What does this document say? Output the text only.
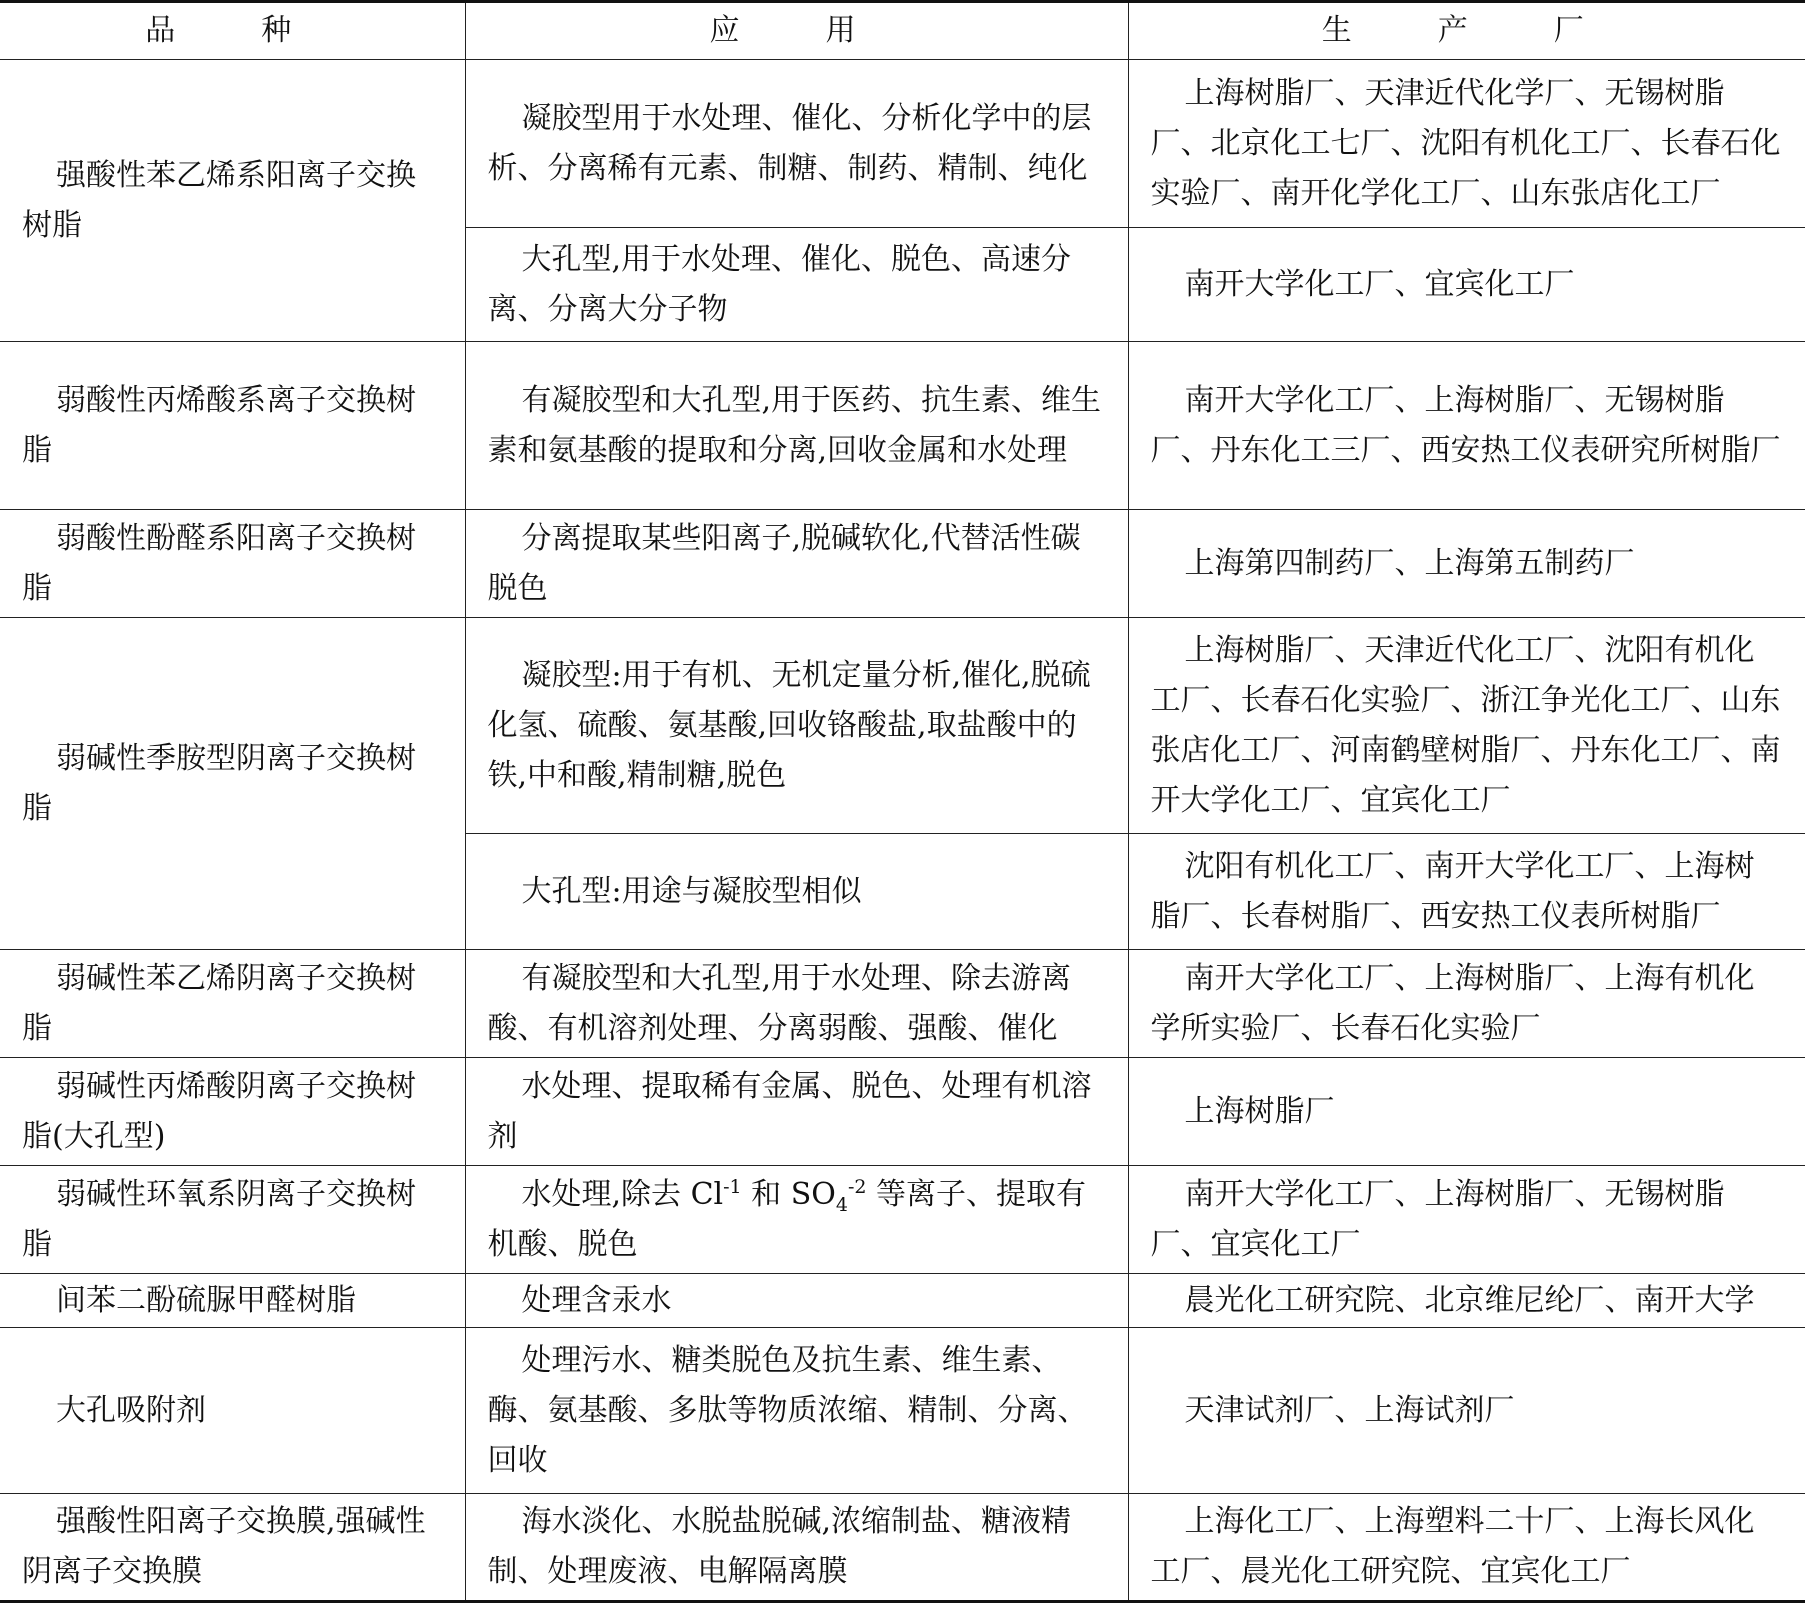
品　种	应　用	生　产　厂
强酸性苯乙烯系阳离子交换树脂	凝胶型用于水处理、催化、分析化学中的层析、分离稀有元素、制糖、制药、精制、纯化	上海树脂厂、天津近代化学厂、无锡树脂厂、北京化工七厂、沈阳有机化工厂、长春石化实验厂、南开化学化工厂、山东张店化工厂
	大孔型,用于水处理、催化、脱色、高速分离、分离大分子物	南开大学化工厂、宜宾化工厂
弱酸性丙烯酸系离子交换树脂	有凝胶型和大孔型,用于医药、抗生素、维生素和氨基酸的提取和分离,回收金属和水处理	南开大学化工厂、上海树脂厂、无锡树脂厂、丹东化工三厂、西安热工仪表研究所树脂厂
弱酸性酚醛系阳离子交换树脂	分离提取某些阳离子,脱碱软化,代替活性碳脱色	上海第四制药厂、上海第五制药厂
弱碱性季胺型阴离子交换树脂	凝胶型:用于有机、无机定量分析,催化,脱硫化氢、硫酸、氨基酸,回收铬酸盐,取盐酸中的铁,中和酸,精制糖,脱色	上海树脂厂、天津近代化工厂、沈阳有机化工厂、长春石化实验厂、浙江争光化工厂、山东张店化工厂、河南鹤壁树脂厂、丹东化工厂、南开大学化工厂、宜宾化工厂
	大孔型:用途与凝胶型相似	沈阳有机化工厂、南开大学化工厂、上海树脂厂、长春树脂厂、西安热工仪表所树脂厂
弱碱性苯乙烯阴离子交换树脂	有凝胶型和大孔型,用于水处理、除去游离酸、有机溶剂处理、分离弱酸、强酸、催化	南开大学化工厂、上海树脂厂、上海有机化学所实验厂、长春石化实验厂
弱碱性丙烯酸阴离子交换树脂(大孔型)	水处理、提取稀有金属、脱色、处理有机溶剂	上海树脂厂
弱碱性环氧系阴离子交换树脂	水处理,除去 $Cl^{-1}$ 和 $SO_4^{-2}$ 等离子、提取有机酸、脱色	南开大学化工厂、上海树脂厂、无锡树脂厂、宜宾化工厂
间苯二酚硫脲甲醛树脂	处理含汞水	晨光化工研究院、北京维尼纶厂、南开大学
大孔吸附剂	处理污水、糖类脱色及抗生素、维生素、酶、氨基酸、多肽等物质浓缩、精制、分离、回收	天津试剂厂、上海试剂厂
强酸性阳离子交换膜,强碱性阴离子交换膜	海水淡化、水脱盐脱碱,浓缩制盐、糖液精制、处理废液、电解隔离膜	上海化工厂、上海塑料二十厂、上海长风化工厂、晨光化工研究院、宜宾化工厂
